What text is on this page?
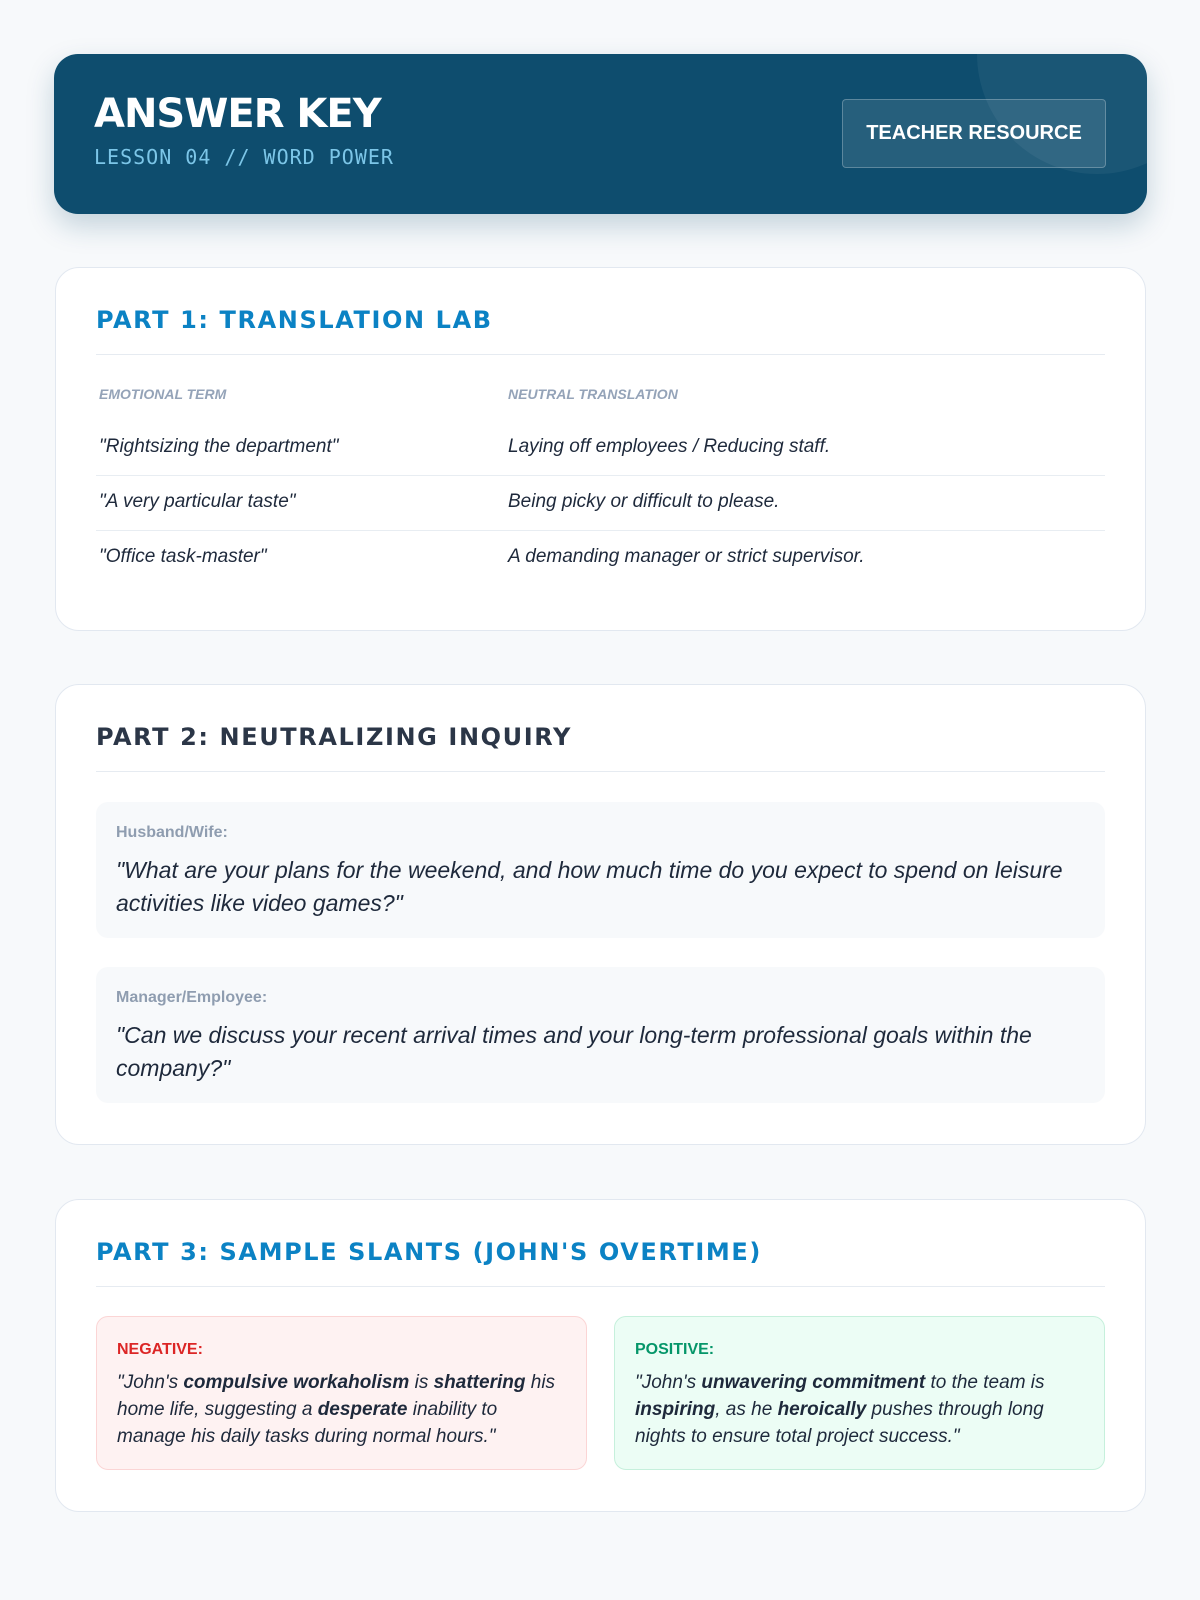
ANSWER KEY
LESSON 04 // WORD POWER
TEACHER RESOURCE
PART 1: TRANSLATION LAB
EMOTIONAL TERM	NEUTRAL TRANSLATION
"Rightsizing the department"	Laying off employees / Reducing staff.
"A very particular taste"	Being picky or difficult to please.
"Office task-master"	A demanding manager or strict supervisor.
PART 2: NEUTRALIZING INQUIRY
Husband/Wife:
"What are your plans for the weekend, and how much time do you expect to spend on leisure activities like video games?"
Manager/Employee:
"Can we discuss your recent arrival times and your long-term professional goals within the company?"
PART 3: SAMPLE SLANTS (JOHN'S OVERTIME)
NEGATIVE:
"John's compulsive workaholism is shattering his home life, suggesting a desperate inability to manage his daily tasks during normal hours."
POSITIVE:
"John's unwavering commitment to the team is inspiring, as he heroically pushes through long nights to ensure total project success."
